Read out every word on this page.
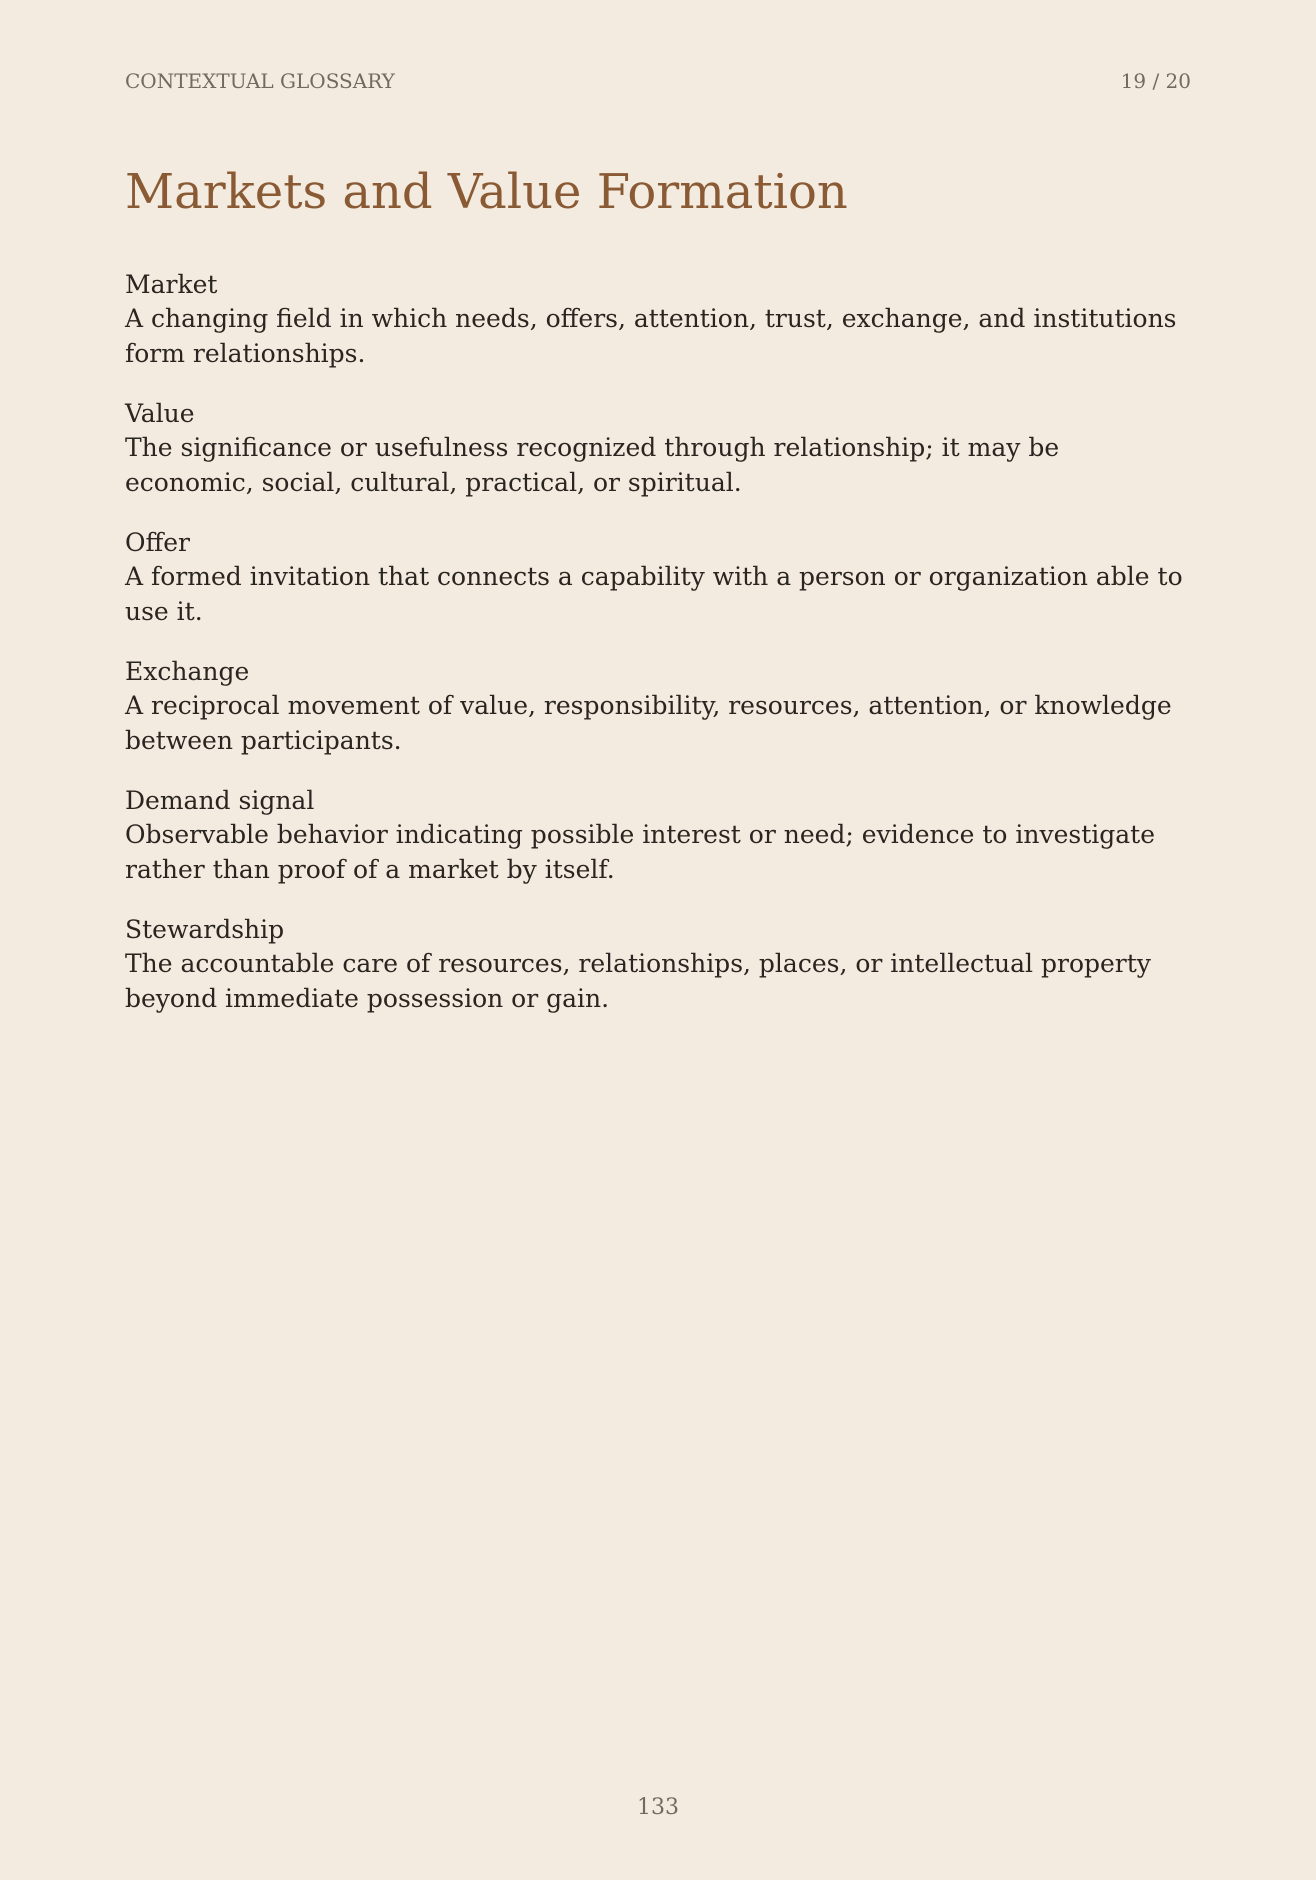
CONTEXTUAL GLOSSARY	19 / 20
Markets and Value Formation
Market
A changing field in which needs, offers, attention, trust, exchange, and institutions form relationships.
Value
The significance or usefulness recognized through relationship; it may be economic, social, cultural, practical, or spiritual.
Offer
A formed invitation that connects a capability with a person or organization able to use it.
Exchange
A reciprocal movement of value, responsibility, resources, attention, or knowledge between participants.
Demand signal
Observable behavior indicating possible interest or need; evidence to investigate rather than proof of a market by itself.
Stewardship
The accountable care of resources, relationships, places, or intellectual property beyond immediate possession or gain.
133
